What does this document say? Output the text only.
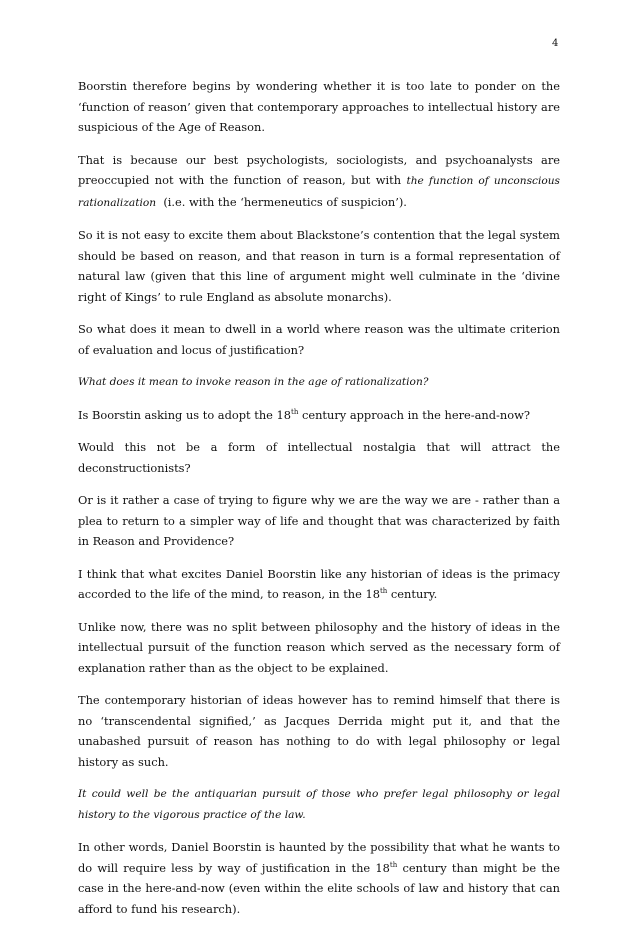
4

Boorstin therefore begins by wondering whether it is too late to ponder on the ‘function of reason’ given that contemporary approaches to intellectual history are suspicious of the Age of Reason.

That is because our best psychologists, sociologists, and psychoanalysts are preoccupied not with the function of reason, but with the function of unconscious rationalization (i.e. with the ‘hermeneutics of suspicion’).

So it is not easy to excite them about Blackstone’s contention that the legal system should be based on reason, and that reason in turn is a formal representation of natural law (given that this line of argument might well culminate in the ‘divine right of Kings’ to rule England as absolute monarchs).

So what does it mean to dwell in a world where reason was the ultimate criterion of evaluation and locus of justification?

What does it mean to invoke reason in the age of rationalization?

Is Boorstin asking us to adopt the 18th century approach in the here-and-now?

Would this not be a form of intellectual nostalgia that will attract the deconstructionists?

Or is it rather a case of trying to figure why we are the way we are - rather than a plea to return to a simpler way of life and thought that was characterized by faith in Reason and Providence?

I think that what excites Daniel Boorstin like any historian of ideas is the primacy accorded to the life of the mind, to reason, in the 18th century.

Unlike now, there was no split between philosophy and the history of ideas in the intellectual pursuit of the function reason which served as the necessary form of explanation rather than as the object to be explained.

The contemporary historian of ideas however has to remind himself that there is no ‘transcendental signified,’ as Jacques Derrida might put it, and that the unabashed pursuit of reason has nothing to do with legal philosophy or legal history as such.

It could well be the antiquarian pursuit of those who prefer legal philosophy or legal history to the vigorous practice of the law.

In other words, Daniel Boorstin is haunted by the possibility that what he wants to do will require less by way of justification in the 18th century than might be the case in the here-and-now (even within the elite schools of law and history that can afford to fund his research).
